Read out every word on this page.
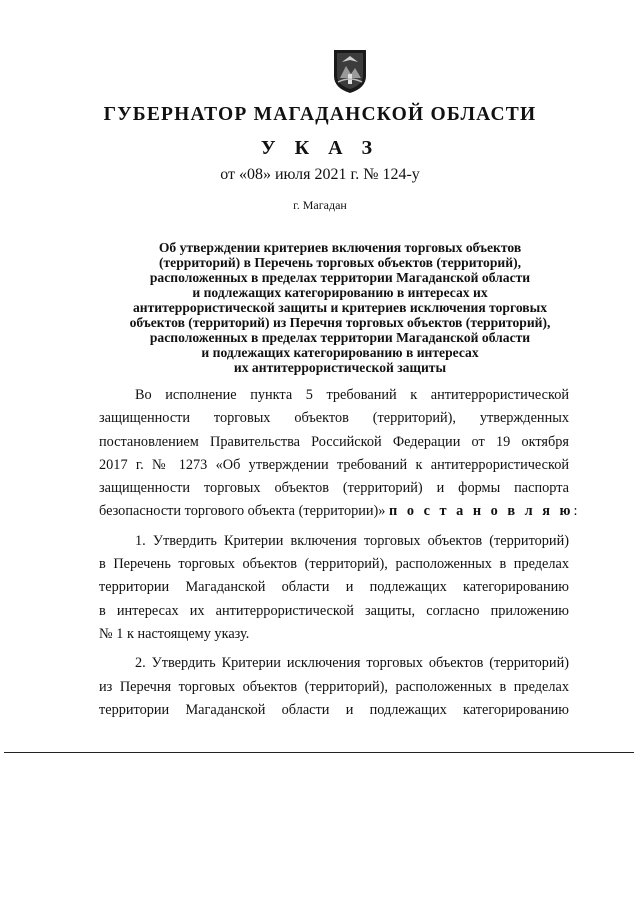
ГУБЕРНАТОР МАГАДАНСКОЙ ОБЛАСТИ
У К А З
от «08» июля 2021 г. № 124-у
г. Магадан
Об утверждении критериев включения торговых объектов
(территорий) в Перечень торговых объектов (территорий),
расположенных в пределах территории Магаданской области
и подлежащих категорированию в интересах их
антитеррористической защиты и критериев исключения торговых
объектов (территорий) из Перечня торговых объектов (территорий),
расположенных в пределах территории Магаданской области
и подлежащих категорированию в интересах
их антитеррористической защиты
Во исполнение пункта 5 требований к антитеррористической
защищенности торговых объектов (территорий), утвержденных
постановлением Правительства Российской Федерации от 19 октября
2017 г. № 1273 «Об утверждении требований к антитеррористической
защищенности торговых объектов (территорий) и формы паспорта
безопасности торгового объекта (территории)» п о с т а н о в л я ю:
1. Утвердить Критерии включения торговых объектов (территорий)
в Перечень торговых объектов (территорий), расположенных в пределах
территории Магаданской области и подлежащих категорированию
в интересах их антитеррористической защиты, согласно приложению
№ 1 к настоящему указу.
2. Утвердить Критерии исключения торговых объектов (территорий)
из Перечня торговых объектов (территорий), расположенных в пределах
территории Магаданской области и подлежащих категорированию
